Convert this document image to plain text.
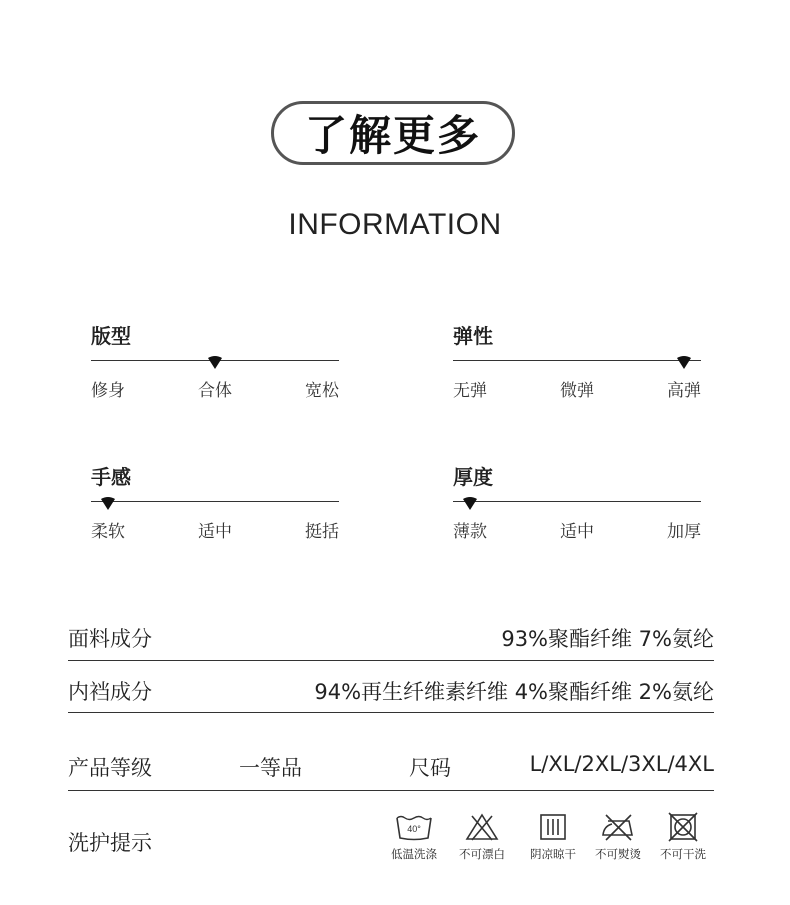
了解更多
INFORMATION
版型
修身	合体	宽松
弹性
无弹	微弹	高弹
手感
柔软	适中	挺括
厚度
薄款	适中	加厚
面料成分	93%聚酯纤维 7%氨纶
内裆成分	94%再生纤维素纤维 4%聚酯纤维 2%氨纶
产品等级	一等品	尺码	L/XL/2XL/3XL/4XL
洗护提示
40°
低温洗涤	不可漂白	阴凉晾干	不可熨烫	不可干洗
